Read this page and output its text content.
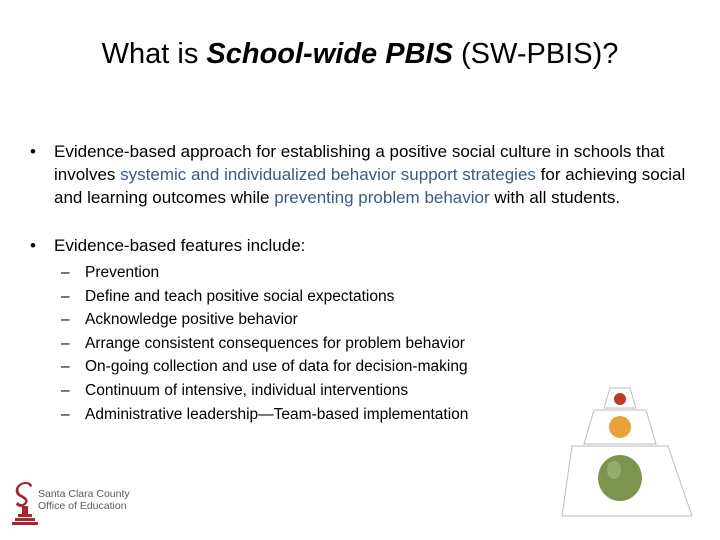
What is School-wide PBIS (SW-PBIS)?
• Evidence-based approach for establishing a positive social culture in schools that involves systemic and individualized behavior support strategies for achieving social and learning outcomes while preventing problem behavior with all students.
• Evidence-based features include:
– Prevention
– Define and teach positive social expectations
– Acknowledge positive behavior
– Arrange consistent consequences for problem behavior
– On-going collection and use of data for decision-making
– Continuum of intensive, individual interventions
– Administrative leadership—Team-based implementation
Santa Clara County
Office of Education
